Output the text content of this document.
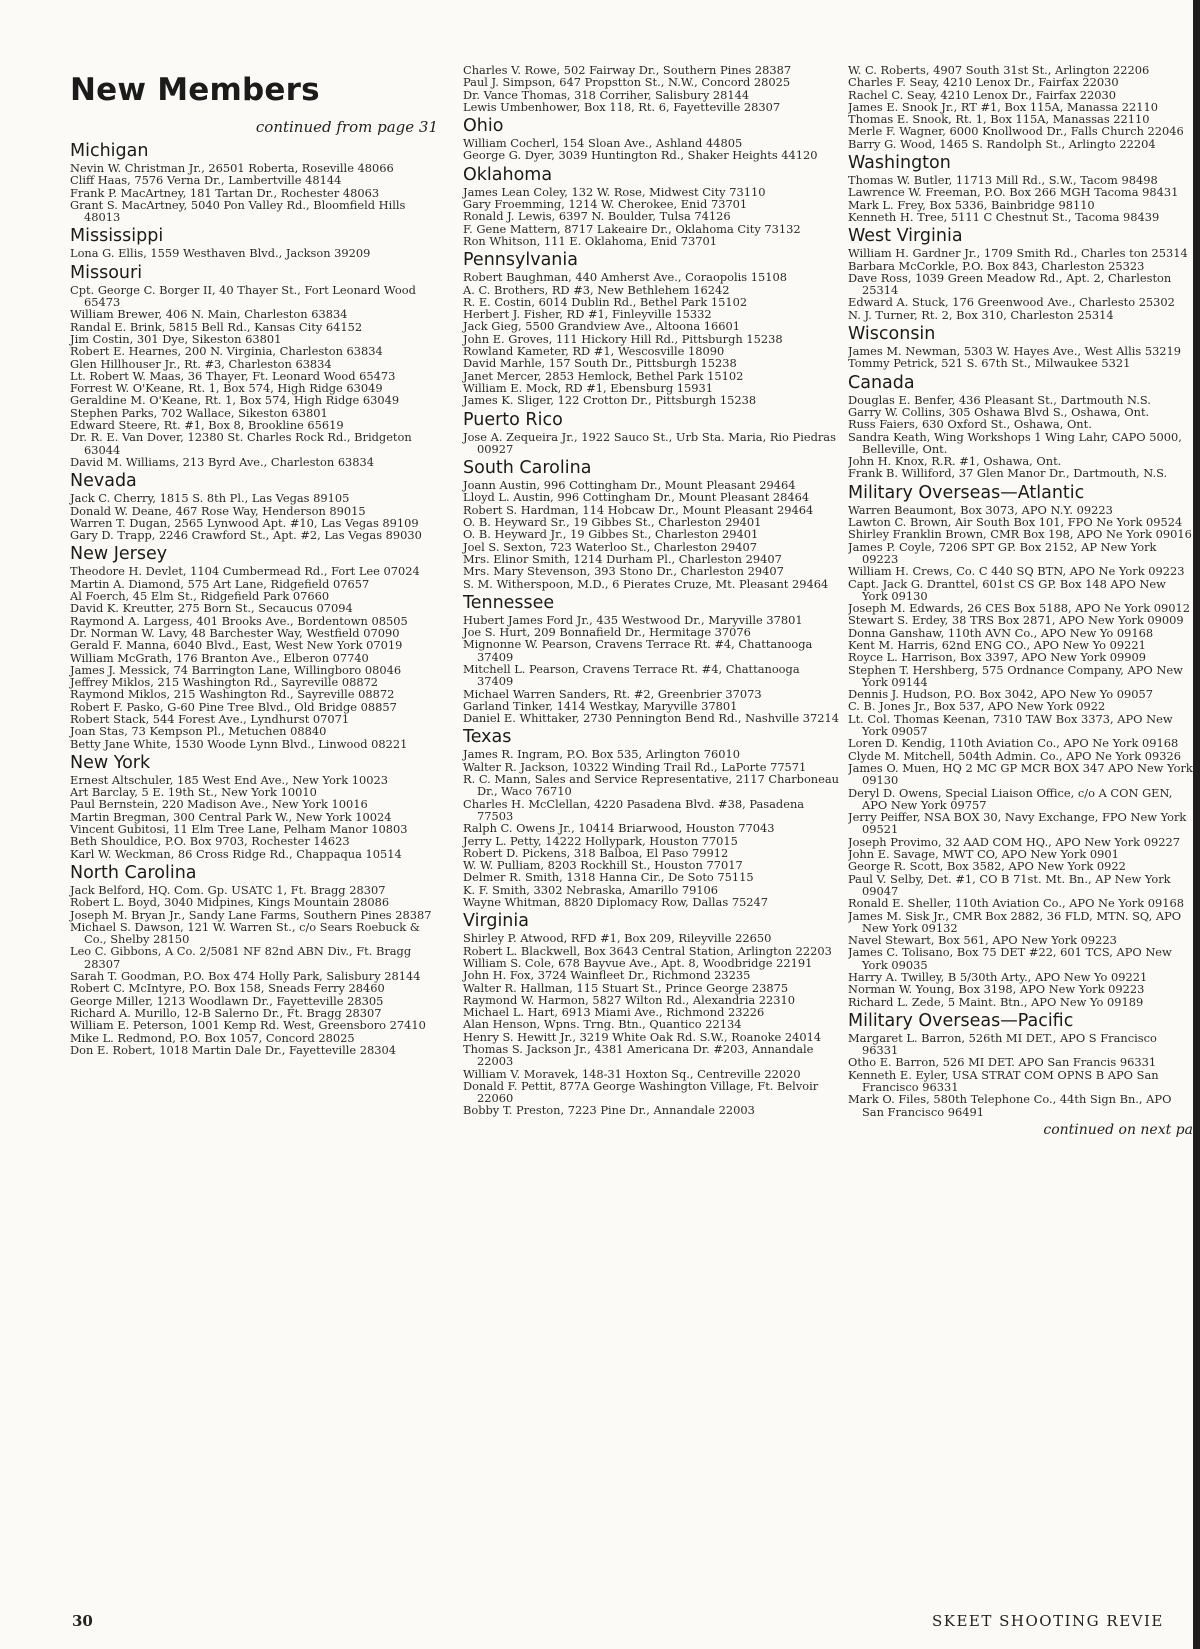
New Members
continued from page 31
Michigan
Nevin W. Christman Jr., 26501 Roberta, Roseville 48066
Cliff Haas, 7576 Verna Dr., Lambertville 48144
Frank P. MacArtney, 181 Tartan Dr., Rochester 48063
Grant S. MacArtney, 5040 Pon Valley Rd., Bloomfield Hills 48013
Mississippi
Lona G. Ellis, 1559 Westhaven Blvd., Jackson 39209
Missouri
Cpt. George C. Borger II, 40 Thayer St., Fort Leonard Wood 65473
William Brewer, 406 N. Main, Charleston 63834
Randal E. Brink, 5815 Bell Rd., Kansas City 64152
Jim Costin, 301 Dye, Sikeston 63801
Robert E. Hearnes, 200 N. Virginia, Charleston 63834
Glen Hillhouser Jr., Rt. #3, Charleston 63834
Lt. Robert W. Maas, 36 Thayer, Ft. Leonard Wood 65473
Forrest W. O'Keane, Rt. 1, Box 574, High Ridge 63049
Geraldine M. O'Keane, Rt. 1, Box 574, High Ridge 63049
Stephen Parks, 702 Wallace, Sikeston 63801
Edward Steere, Rt. #1, Box 8, Brookline 65619
Dr. R. E. Van Dover, 12380 St. Charles Rock Rd., Bridgeton 63044
David M. Williams, 213 Byrd Ave., Charleston 63834
Nevada
Jack C. Cherry, 1815 S. 8th Pl., Las Vegas 89105
Donald W. Deane, 467 Rose Way, Henderson 89015
Warren T. Dugan, 2565 Lynwood Apt. #10, Las Vegas 89109
Gary D. Trapp, 2246 Crawford St., Apt. #2, Las Vegas 89030
New Jersey
Theodore H. Devlet, 1104 Cumbermead Rd., Fort Lee 07024
Martin A. Diamond, 575 Art Lane, Ridgefield 07657
Al Foerch, 45 Elm St., Ridgefield Park 07660
David K. Kreutter, 275 Born St., Secaucus 07094
Raymond A. Largess, 401 Brooks Ave., Bordentown 08505
Dr. Norman W. Lavy, 48 Barchester Way, Westfield 07090
Gerald F. Manna, 6040 Blvd., East, West New York 07019
William McGrath, 176 Branton Ave., Elberon 07740
James J. Messick, 74 Barrington Lane, Willingboro 08046
Jeffrey Miklos, 215 Washington Rd., Sayreville 08872
Raymond Miklos, 215 Washington Rd., Sayreville 08872
Robert F. Pasko, G-60 Pine Tree Blvd., Old Bridge 08857
Robert Stack, 544 Forest Ave., Lyndhurst 07071
Joan Stas, 73 Kempson Pl., Metuchen 08840
Betty Jane White, 1530 Woode Lynn Blvd., Linwood 08221
New York
Ernest Altschuler, 185 West End Ave., New York 10023
Art Barclay, 5 E. 19th St., New York 10010
Paul Bernstein, 220 Madison Ave., New York 10016
Martin Bregman, 300 Central Park W., New York 10024
Vincent Gubitosi, 11 Elm Tree Lane, Pelham Manor 10803
Beth Shouldice, P.O. Box 9703, Rochester 14623
Karl W. Weckman, 86 Cross Ridge Rd., Chappaqua 10514
North Carolina
Jack Belford, HQ. Com. Gp. USATC 1, Ft. Bragg 28307
Robert L. Boyd, 3040 Midpines, Kings Mountain 28086
Joseph M. Bryan Jr., Sandy Lane Farms, Southern Pines 28387
Michael S. Dawson, 121 W. Warren St., c/o Sears Roebuck & Co., Shelby 28150
Leo C. Gibbons, A Co. 2/5081 NF 82nd ABN Div., Ft. Bragg 28307
Sarah T. Goodman, P.O. Box 474 Holly Park, Salisbury 28144
Robert C. McIntyre, P.O. Box 158, Sneads Ferry 28460
George Miller, 1213 Woodlawn Dr., Fayetteville 28305
Richard A. Murillo, 12-B Salerno Dr., Ft. Bragg 28307
William E. Peterson, 1001 Kemp Rd. West, Greensboro 27410
Mike L. Redmond, P.O. Box 1057, Concord 28025
Don E. Robert, 1018 Martin Dale Dr., Fayetteville 28304
Charles V. Rowe, 502 Fairway Dr., Southern Pines 28387
Paul J. Simpson, 647 Propstton St., N.W., Concord 28025
Dr. Vance Thomas, 318 Corriher, Salisbury 28144
Lewis Umbenhower, Box 118, Rt. 6, Fayetteville 28307
Ohio
William Cocherl, 154 Sloan Ave., Ashland 44805
George G. Dyer, 3039 Huntington Rd., Shaker Heights 44120
Oklahoma
James Lean Coley, 132 W. Rose, Midwest City 73110
Gary Froemming, 1214 W. Cherokee, Enid 73701
Ronald J. Lewis, 6397 N. Boulder, Tulsa 74126
F. Gene Mattern, 8717 Lakeaire Dr., Oklahoma City 73132
Ron Whitson, 111 E. Oklahoma, Enid 73701
Pennsylvania
Robert Baughman, 440 Amherst Ave., Coraopolis 15108
A. C. Brothers, RD #3, New Bethlehem 16242
R. E. Costin, 6014 Dublin Rd., Bethel Park 15102
Herbert J. Fisher, RD #1, Finleyville 15332
Jack Gieg, 5500 Grandview Ave., Altoona 16601
John E. Groves, 111 Hickory Hill Rd., Pittsburgh 15238
Rowland Kameter, RD #1, Wescosville 18090
David Marhle, 157 South Dr., Pittsburgh 15238
Janet Mercer, 2853 Hemlock, Bethel Park 15102
William E. Mock, RD #1, Ebensburg 15931
James K. Sliger, 122 Crotton Dr., Pittsburgh 15238
Puerto Rico
Jose A. Zequeira Jr., 1922 Sauco St., Urb Sta. Maria, Rio Piedras 00927
South Carolina
Joann Austin, 996 Cottingham Dr., Mount Pleasant 29464
Lloyd L. Austin, 996 Cottingham Dr., Mount Pleasant 28464
Robert S. Hardman, 114 Hobcaw Dr., Mount Pleasant 29464
O. B. Heyward Sr., 19 Gibbes St., Charleston 29401
O. B. Heyward Jr., 19 Gibbes St., Charleston 29401
Joel S. Sexton, 723 Waterloo St., Charleston 29407
Mrs. Elinor Smith, 1214 Durham Pl., Charleston 29407
Mrs. Mary Stevenson, 393 Stono Dr., Charleston 29407
S. M. Witherspoon, M.D., 6 Pierates Cruze, Mt. Pleasant 29464
Tennessee
Hubert James Ford Jr., 435 Westwood Dr., Maryville 37801
Joe S. Hurt, 209 Bonnafield Dr., Hermitage 37076
Mignonne W. Pearson, Cravens Terrace Rt. #4, Chattanooga 37409
Mitchell L. Pearson, Cravens Terrace Rt. #4, Chattanooga 37409
Michael Warren Sanders, Rt. #2, Greenbrier 37073
Garland Tinker, 1414 Westkay, Maryville 37801
Daniel E. Whittaker, 2730 Pennington Bend Rd., Nashville 37214
Texas
James R. Ingram, P.O. Box 535, Arlington 76010
Walter R. Jackson, 10322 Winding Trail Rd., LaPorte 77571
R. C. Mann, Sales and Service Representative, 2117 Charboneau Dr., Waco 76710
Charles H. McClellan, 4220 Pasadena Blvd. #38, Pasadena 77503
Ralph C. Owens Jr., 10414 Briarwood, Houston 77043
Jerry L. Petty, 14222 Hollypark, Houston 77015
Robert D. Pickens, 318 Balboa, El Paso 79912
W. W. Pulliam, 8203 Rockhill St., Houston 77017
Delmer R. Smith, 1318 Hanna Cir., De Soto 75115
K. F. Smith, 3302 Nebraska, Amarillo 79106
Wayne Whitman, 8820 Diplomacy Row, Dallas 75247
Virginia
Shirley P. Atwood, RFD #1, Box 209, Rileyville 22650
Robert L. Blackwell, Box 3643 Central Station, Arlington 22203
William S. Cole, 678 Bayvue Ave., Apt. 8, Woodbridge 22191
John H. Fox, 3724 Wainfleet Dr., Richmond 23235
Walter R. Hallman, 115 Stuart St., Prince George 23875
Raymond W. Harmon, 5827 Wilton Rd., Alexandria 22310
Michael L. Hart, 6913 Miami Ave., Richmond 23226
Alan Henson, Wpns. Trng. Btn., Quantico 22134
Henry S. Hewitt Jr., 3219 White Oak Rd. S.W., Roanoke 24014
Thomas S. Jackson Jr., 4381 Americana Dr. #203, Annandale 22003
William V. Moravek, 148-31 Hoxton Sq., Centreville 22020
Donald F. Pettit, 877A George Washington Village, Ft. Belvoir 22060
Bobby T. Preston, 7223 Pine Dr., Annandale 22003
W. C. Roberts, 4907 South 31st St., Arlington 22206
Charles F. Seay, 4210 Lenox Dr., Fairfax 22030
Rachel C. Seay, 4210 Lenox Dr., Fairfax 22030
James E. Snook Jr., RT #1, Box 115A, Manassa 22110
Thomas E. Snook, Rt. 1, Box 115A, Manassas 22110
Merle F. Wagner, 6000 Knollwood Dr., Falls Church 22046
Barry G. Wood, 1465 S. Randolph St., Arlingto 22204
Washington
Thomas W. Butler, 11713 Mill Rd., S.W., Tacom 98498
Lawrence W. Freeman, P.O. Box 266 MGH Tacoma 98431
Mark L. Frey, Box 5336, Bainbridge 98110
Kenneth H. Tree, 5111 C Chestnut St., Tacoma 98439
West Virginia
William H. Gardner Jr., 1709 Smith Rd., Charles ton 25314
Barbara McCorkle, P.O. Box 843, Charleston 25323
Dave Ross, 1039 Green Meadow Rd., Apt. 2, Charleston 25314
Edward A. Stuck, 176 Greenwood Ave., Charlesto 25302
N. J. Turner, Rt. 2, Box 310, Charleston 25314
Wisconsin
James M. Newman, 5303 W. Hayes Ave., West Allis 53219
Tommy Petrick, 521 S. 67th St., Milwaukee 5321
Canada
Douglas E. Benfer, 436 Pleasant St., Dartmouth N.S.
Garry W. Collins, 305 Oshawa Blvd S., Oshawa, Ont.
Russ Faiers, 630 Oxford St., Oshawa, Ont.
Sandra Keath, Wing Workshops 1 Wing Lahr, CAPO 5000, Belleville, Ont.
John H. Knox, R.R. #1, Oshawa, Ont.
Frank B. Williford, 37 Glen Manor Dr., Dartmouth, N.S.
Military Overseas—Atlantic
Warren Beaumont, Box 3073, APO N.Y. 09223
Lawton C. Brown, Air South Box 101, FPO Ne York 09524
Shirley Franklin Brown, CMR Box 198, APO Ne York 09016
James P. Coyle, 7206 SPT GP. Box 2152, AP New York 09223
William H. Crews, Co. C 440 SQ BTN, APO Ne York 09223
Capt. Jack G. Dranttel, 601st CS GP. Box 148 APO New York 09130
Joseph M. Edwards, 26 CES Box 5188, APO Ne York 09012
Stewart S. Erdey, 38 TRS Box 2871, APO New York 09009
Donna Ganshaw, 110th AVN Co., APO New Yo 09168
Kent M. Harris, 62nd ENG CO., APO New Yo 09221
Royce L. Harrison, Box 3397, APO New York 09909
Stephen T. Hershberg, 575 Ordnance Company, APO New York 09144
Dennis J. Hudson, P.O. Box 3042, APO New Yo 09057
C. B. Jones Jr., Box 537, APO New York 0922
Lt. Col. Thomas Keenan, 7310 TAW Box 3373, APO New York 09057
Loren D. Kendig, 110th Aviation Co., APO Ne York 09168
Clyde M. Mitchell, 504th Admin. Co., APO Ne York 09326
James O. Muen, HQ 2 MC GP MCR BOX 347 APO New York 09130
Deryl D. Owens, Special Liaison Office, c/o A CON GEN, APO New York 09757
Jerry Peiffer, NSA BOX 30, Navy Exchange, FPO New York 09521
Joseph Provimo, 32 AAD COM HQ., APO New York 09227
John E. Savage, MWT CO, APO New York 0901
George R. Scott, Box 3582, APO New York 0922
Paul V. Selby, Det. #1, CO B 71st. Mt. Bn., AP New York 09047
Ronald E. Sheller, 110th Aviation Co., APO Ne York 09168
James M. Sisk Jr., CMR Box 2882, 36 FLD, MTN. SQ, APO New York 09132
Navel Stewart, Box 561, APO New York 09223
James C. Tolisano, Box 75 DET #22, 601 TCS, APO New York 09035
Harry A. Twilley, B 5/30th Arty., APO New Yo 09221
Norman W. Young, Box 3198, APO New York 09223
Richard L. Zede, 5 Maint. Btn., APO New Yo 09189
Military Overseas—Pacific
Margaret L. Barron, 526th MI DET., APO S Francisco 96331
Otho E. Barron, 526 MI DET. APO San Francis 96331
Kenneth E. Eyler, USA STRAT COM OPNS B APO San Francisco 96331
Mark O. Files, 580th Telephone Co., 44th Sign Bn., APO San Francisco 96491
continued on next pa
30	SKEET SHOOTING REVIE
